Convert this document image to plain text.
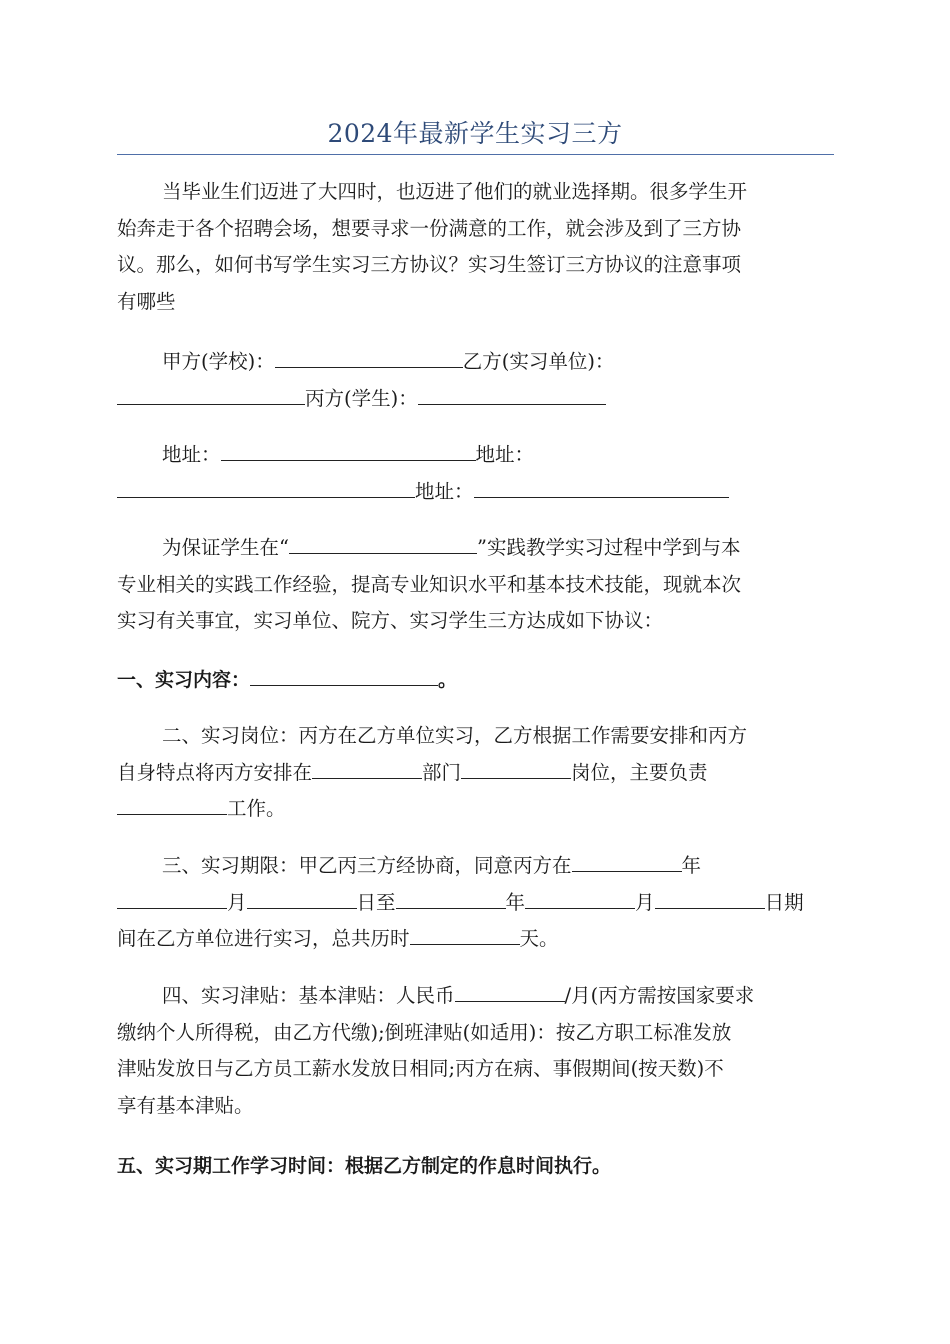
2024年最新学生实习三方
当毕业生们迈进了大四时，也迈进了他们的就业选择期。很多学生开
始奔走于各个招聘会场，想要寻求一份满意的工作，就会涉及到了三方协
议。那么，如何书写学生实习三方协议？实习生签订三方协议的注意事项
有哪些
甲方(学校)：	乙方(实习单位)：
丙方(学生)：
地址：	地址：
地址：
为保证学生在“	”实践教学实习过程中学到与本
专业相关的实践工作经验，提高专业知识水平和基本技术技能，现就本次
实习有关事宜，实习单位、院方、实习学生三方达成如下协议：
一、实习内容：	。
二、实习岗位：丙方在乙方单位实习，乙方根据工作需要安排和丙方
自身特点将丙方安排在	部门	岗位，主要负责
工作。
三、实习期限：甲乙丙三方经协商，同意丙方在	年
月	日至	年	月	日期
间在乙方单位进行实习，总共历时	天。
四、实习津贴：基本津贴：人民币	/月(丙方需按国家要求
缴纳个人所得税，由乙方代缴);倒班津贴(如适用)：按乙方职工标准发放
津贴发放日与乙方员工薪水发放日相同;丙方在病、事假期间(按天数)不
享有基本津贴。
五、实习期工作学习时间：根据乙方制定的作息时间执行。
